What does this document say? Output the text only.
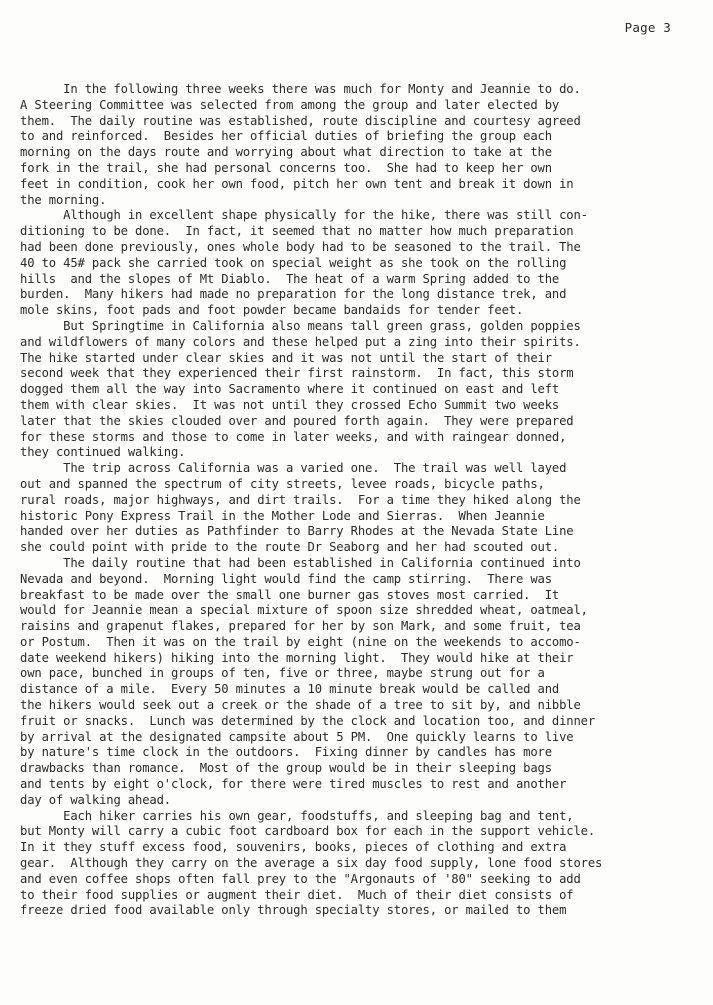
Page 3
In the following three weeks there was much for Monty and Jeannie to do.
A Steering Committee was selected from among the group and later elected by
them.  The daily routine was established, route discipline and courtesy agreed
to and reinforced.  Besides her official duties of briefing the group each
morning on the days route and worrying about what direction to take at the
fork in the trail, she had personal concerns too.  She had to keep her own
feet in condition, cook her own food, pitch her own tent and break it down in
the morning.
Although in excellent shape physically for the hike, there was still con-
ditioning to be done.  In fact, it seemed that no matter how much preparation
had been done previously, ones whole body had to be seasoned to the trail. The
40 to 45# pack she carried took on special weight as she took on the rolling
hills  and the slopes of Mt Diablo.  The heat of a warm Spring added to the
burden.  Many hikers had made no preparation for the long distance trek, and
mole skins, foot pads and foot powder became bandaids for tender feet.
But Springtime in California also means tall green grass, golden poppies
and wildflowers of many colors and these helped put a zing into their spirits.
The hike started under clear skies and it was not until the start of their
second week that they experienced their first rainstorm.  In fact, this storm
dogged them all the way into Sacramento where it continued on east and left
them with clear skies.  It was not until they crossed Echo Summit two weeks
later that the skies clouded over and poured forth again.  They were prepared
for these storms and those to come in later weeks, and with raingear donned,
they continued walking.
The trip across California was a varied one.  The trail was well layed
out and spanned the spectrum of city streets, levee roads, bicycle paths,
rural roads, major highways, and dirt trails.  For a time they hiked along the
historic Pony Express Trail in the Mother Lode and Sierras.  When Jeannie
handed over her duties as Pathfinder to Barry Rhodes at the Nevada State Line
she could point with pride to the route Dr Seaborg and her had scouted out.
The daily routine that had been established in California continued into
Nevada and beyond.  Morning light would find the camp stirring.  There was
breakfast to be made over the small one burner gas stoves most carried.  It
would for Jeannie mean a special mixture of spoon size shredded wheat, oatmeal,
raisins and grapenut flakes, prepared for her by son Mark, and some fruit, tea
or Postum.  Then it was on the trail by eight (nine on the weekends to accomo-
date weekend hikers) hiking into the morning light.  They would hike at their
own pace, bunched in groups of ten, five or three, maybe strung out for a
distance of a mile.  Every 50 minutes a 10 minute break would be called and
the hikers would seek out a creek or the shade of a tree to sit by, and nibble
fruit or snacks.  Lunch was determined by the clock and location too, and dinner
by arrival at the designated campsite about 5 PM.  One quickly learns to live
by nature's time clock in the outdoors.  Fixing dinner by candles has more
drawbacks than romance.  Most of the group would be in their sleeping bags
and tents by eight o'clock, for there were tired muscles to rest and another
day of walking ahead.
Each hiker carries his own gear, foodstuffs, and sleeping bag and tent,
but Monty will carry a cubic foot cardboard box for each in the support vehicle.
In it they stuff excess food, souvenirs, books, pieces of clothing and extra
gear.  Although they carry on the average a six day food supply, lone food stores
and even coffee shops often fall prey to the "Argonauts of '80" seeking to add
to their food supplies or augment their diet.  Much of their diet consists of
freeze dried food available only through specialty stores, or mailed to them
